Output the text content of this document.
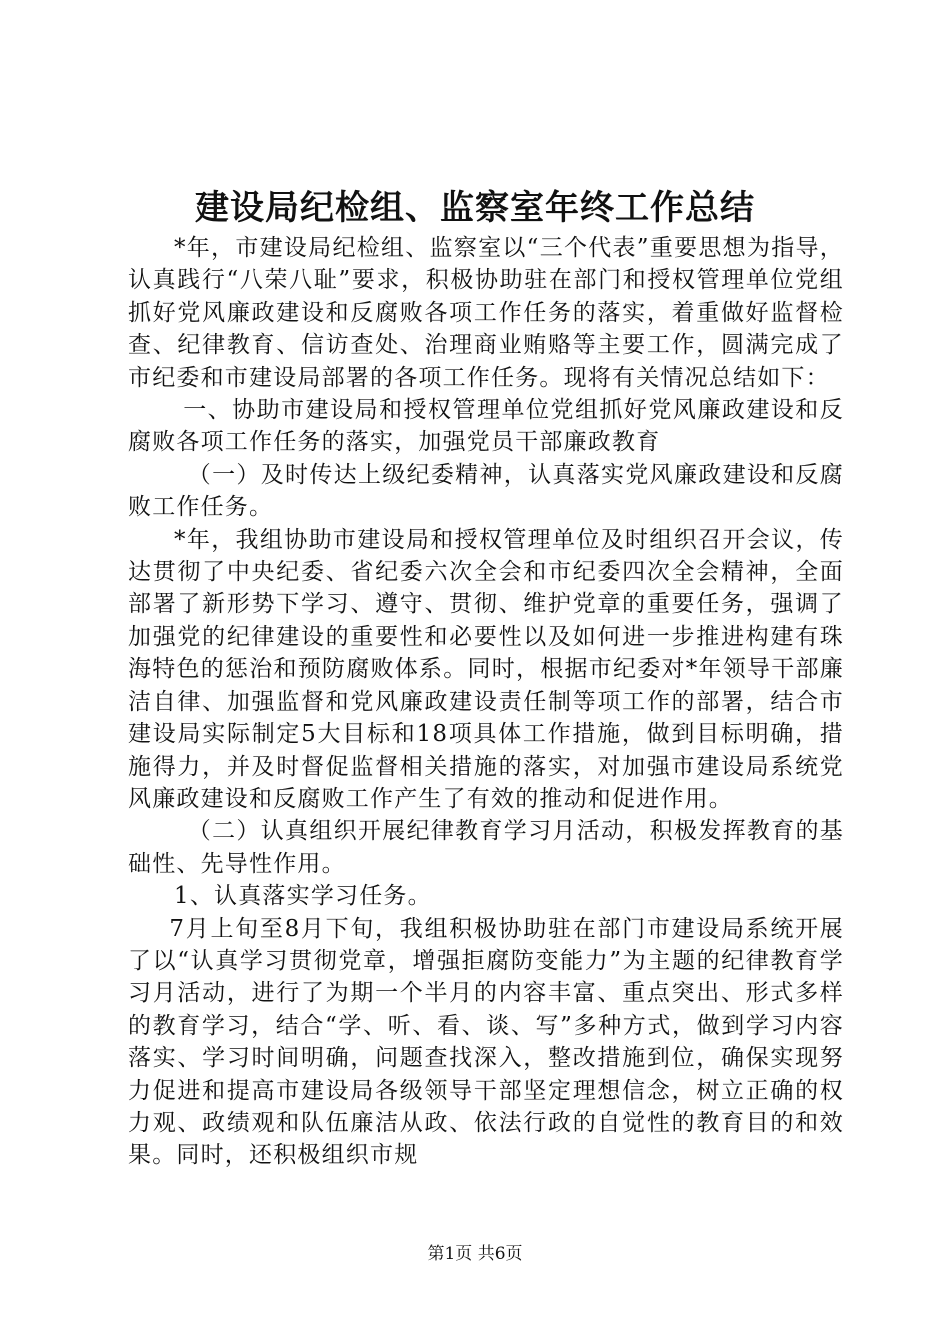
建设局纪检组、监察室年终工作总结

*年，市建设局纪检组、监察室以“三个代表”重要思想为指导，认真践行“八荣八耻”要求，积极协助驻在部门和授权管理单位党组抓好党风廉政建设和反腐败各项工作任务的落实，着重做好监督检查、纪律教育、信访查处、治理商业贿赂等主要工作，圆满完成了市纪委和市建设局部署的各项工作任务。现将有关情况总结如下：

一、协助市建设局和授权管理单位党组抓好党风廉政建设和反腐败各项工作任务的落实，加强党员干部廉政教育

（一）及时传达上级纪委精神，认真落实党风廉政建设和反腐败工作任务。

*年，我组协助市建设局和授权管理单位及时组织召开会议，传达贯彻了中央纪委、省纪委六次全会和市纪委四次全会精神，全面部署了新形势下学习、遵守、贯彻、维护党章的重要任务，强调了加强党的纪律建设的重要性和必要性以及如何进一步推进构建有珠海特色的惩治和预防腐败体系。同时，根据市纪委对*年领导干部廉洁自律、加强监督和党风廉政建设责任制等项工作的部署，结合市建设局实际制定5大目标和18项具体工作措施，做到目标明确，措施得力，并及时督促监督相关措施的落实，对加强市建设局系统党风廉政建设和反腐败工作产生了有效的推动和促进作用。

（二）认真组织开展纪律教育学习月活动，积极发挥教育的基础性、先导性作用。

1、认真落实学习任务。

7月上旬至8月下旬，我组积极协助驻在部门市建设局系统开展了以“认真学习贯彻党章，增强拒腐防变能力”为主题的纪律教育学习月活动，进行了为期一个半月的内容丰富、重点突出、形式多样的教育学习，结合“学、听、看、谈、写”多种方式，做到学习内容落实、学习时间明确，问题查找深入，整改措施到位，确保实现努力促进和提高市建设局各级领导干部坚定理想信念，树立正确的权力观、政绩观和队伍廉洁从政、依法行政的自觉性的教育目的和效果。同时，还积极组织市规

第1页 共6页
